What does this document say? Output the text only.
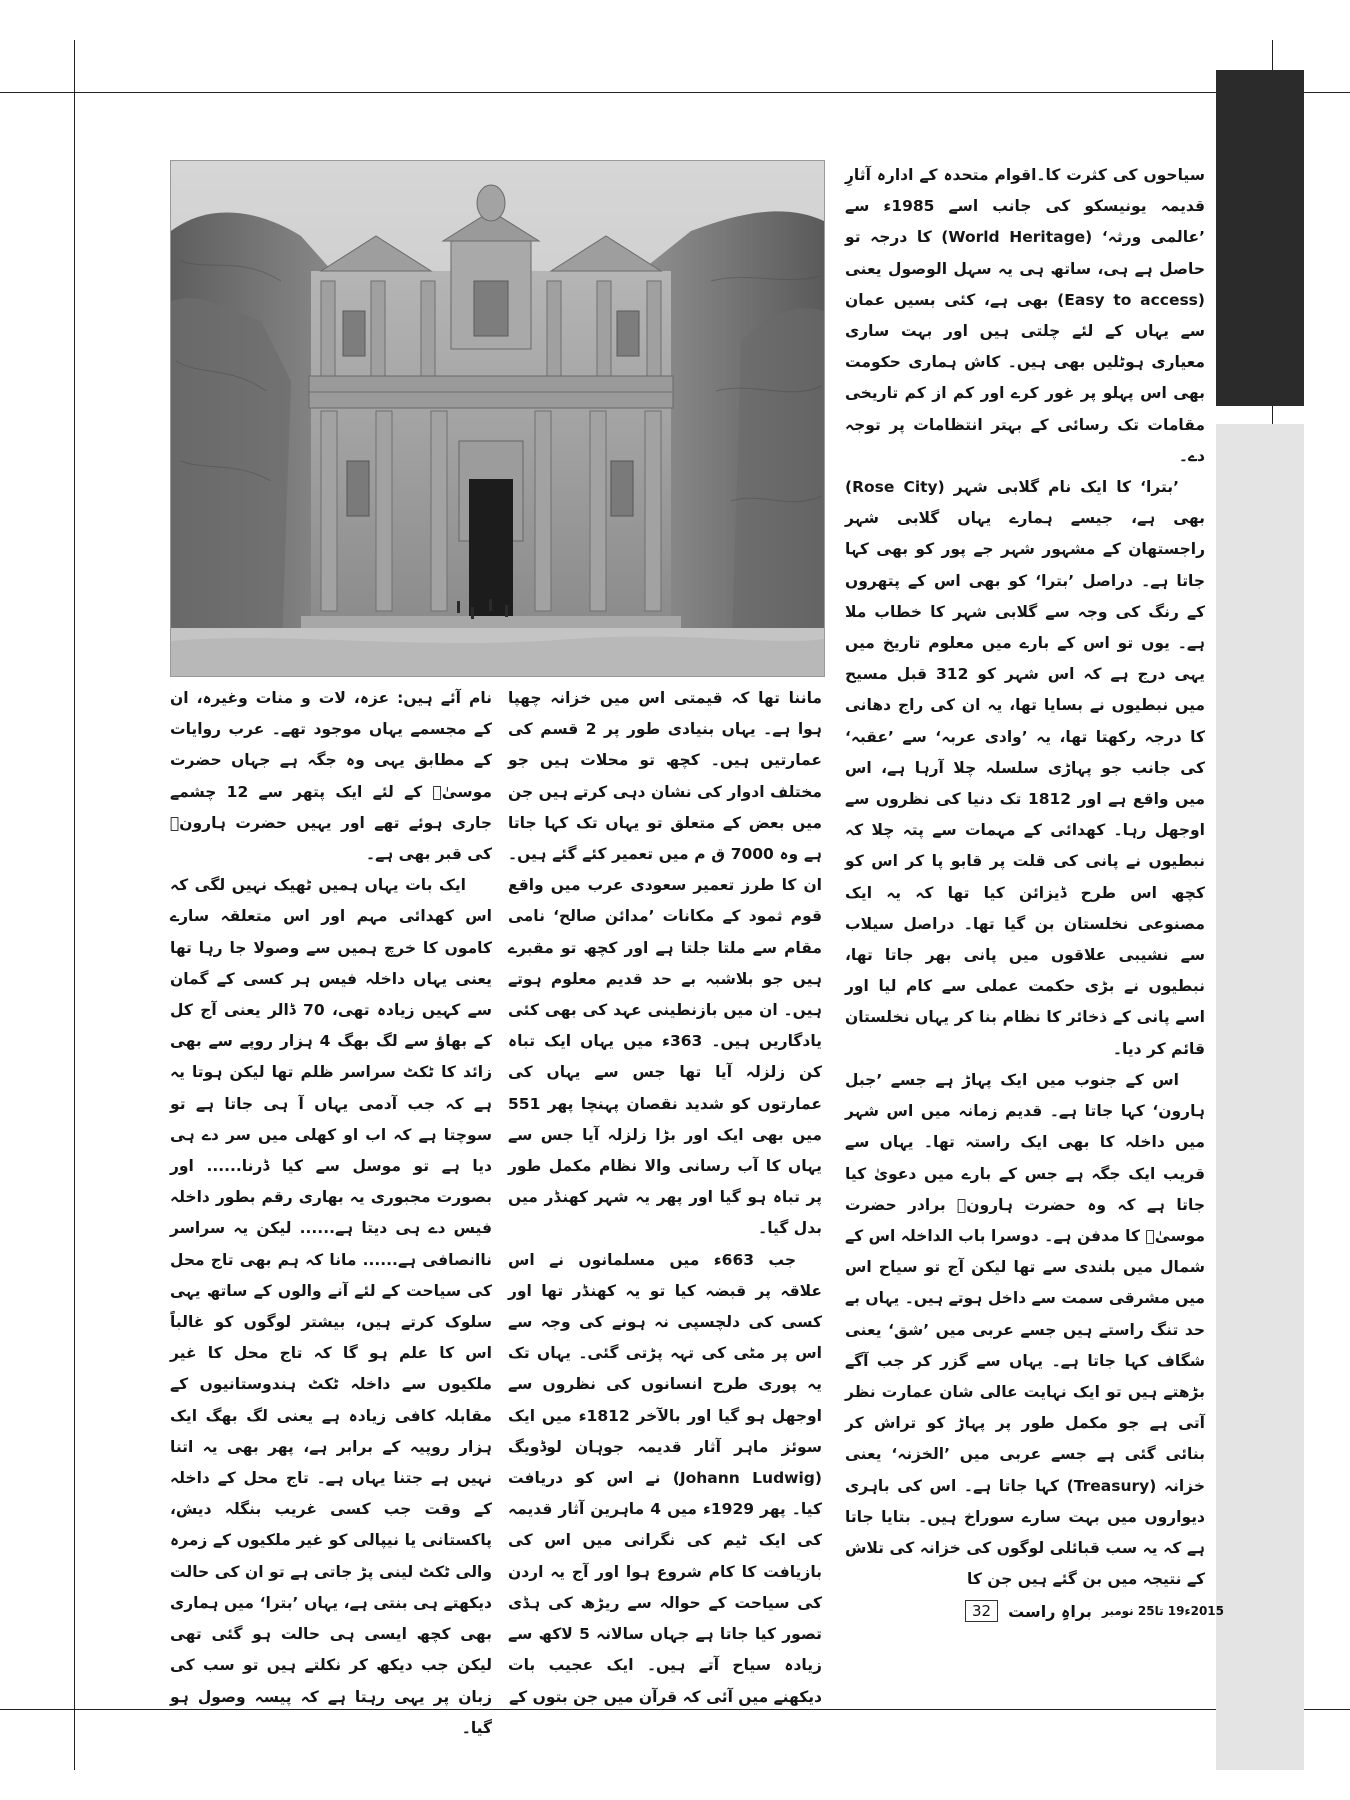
سیاحوں کی کثرت کا۔اقوام متحدہ کے ادارہ آثارِ قدیمہ یونیسکو کی جانب اسے 1985ء سے ’عالمی ورثہ‘ (World Heritage) کا درجہ تو حاصل ہے ہی، ساتھ ہی یہ سہل الوصول یعنی (Easy to access) بھی ہے، کئی بسیں عمان سے یہاں کے لئے چلتی ہیں اور بہت ساری معیاری ہوٹلیں بھی ہیں۔ کاش ہماری حکومت بھی اس پہلو پر غور کرے اور کم از کم تاریخی مقامات تک رسائی کے بہتر انتظامات پر توجہ دے۔

’بترا‘ کا ایک نام گلابی شہر (Rose City) بھی ہے، جیسے ہمارے یہاں گلابی شہر راجستھان کے مشہور شہر جے پور کو بھی کہا جاتا ہے۔ دراصل ’بترا‘ کو بھی اس کے پتھروں کے رنگ کی وجہ سے گلابی شہر کا خطاب ملا ہے۔ یوں تو اس کے بارے میں معلوم تاریخ میں یہی درج ہے کہ اس شہر کو 312 قبل مسیح میں نبطیوں نے بسایا تھا، یہ ان کی راج دھانی کا درجہ رکھتا تھا، یہ ’وادی عربہ‘ سے ’عقبہ‘ کی جانب جو پہاڑی سلسلہ چلا آرہا ہے، اس میں واقع ہے اور 1812 تک دنیا کی نظروں سے اوجھل رہا۔ کھدائی کے مہمات سے پتہ چلا کہ نبطیوں نے پانی کی قلت پر قابو پا کر اس کو کچھ اس طرح ڈیزائن کیا تھا کہ یہ ایک مصنوعی نخلستان بن گیا تھا۔ دراصل سیلاب سے نشیبی علاقوں میں پانی بھر جاتا تھا، نبطیوں نے بڑی حکمت عملی سے کام لیا اور اسے پانی کے ذخائر کا نظام بنا کر یہاں نخلستان قائم کر دیا۔

اس کے جنوب میں ایک پہاڑ ہے جسے ’جبل ہارون‘ کہا جاتا ہے۔ قدیم زمانہ میں اس شہر میں داخلہ کا بھی ایک راستہ تھا۔ یہاں سے قریب ایک جگہ ہے جس کے بارے میں دعویٰ کیا جاتا ہے کہ وہ حضرت ہارونؑ برادر حضرت موسیٰؑ کا مدفن ہے۔ دوسرا باب الداخلہ اس کے شمال میں بلندی سے تھا لیکن آج تو سیاح اس میں مشرقی سمت سے داخل ہوتے ہیں۔ یہاں بے حد تنگ راستے ہیں جسے عربی میں ’شق‘ یعنی شگاف کہا جاتا ہے۔ یہاں سے گزر کر جب آگے بڑھتے ہیں تو ایک نہایت عالی شان عمارت نظر آتی ہے جو مکمل طور پر پہاڑ کو تراش کر بنائی گئی ہے جسے عربی میں ’الخزنہ‘ یعنی خزانہ (Treasury) کہا جاتا ہے۔ اس کی باہری دیواروں میں بہت سارے سوراخ ہیں۔ بتایا جاتا ہے کہ یہ سب قبائلی لوگوں کی خزانہ کی تلاش کے نتیجہ میں بن گئے ہیں جن کا

ماننا تھا کہ قیمتی اس میں خزانہ چھپا ہوا ہے۔ یہاں بنیادی طور پر 2 قسم کی عمارتیں ہیں۔ کچھ تو محلات ہیں جو مختلف ادوار کی نشان دہی کرتے ہیں جن میں بعض کے متعلق تو یہاں تک کہا جاتا ہے وہ 7000 ق م میں تعمیر کئے گئے ہیں۔ ان کا طرز تعمیر سعودی عرب میں واقع قوم ثمود کے مکانات ’مدائن صالح‘ نامی مقام سے ملتا جلتا ہے اور کچھ تو مقبرے ہیں جو بلاشبہ بے حد قدیم معلوم ہوتے ہیں۔ ان میں بازنطینی عہد کی بھی کئی یادگاریں ہیں۔ 363ء میں یہاں ایک تباہ کن زلزلہ آیا تھا جس سے یہاں کی عمارتوں کو شدید نقصان پہنچا پھر 551 میں بھی ایک اور بڑا زلزلہ آیا جس سے یہاں کا آب رسانی والا نظام مکمل طور پر تباہ ہو گیا اور پھر یہ شہر کھنڈر میں بدل گیا۔

جب 663ء میں مسلمانوں نے اس علاقہ پر قبضہ کیا تو یہ کھنڈر تھا اور کسی کی دلچسپی نہ ہونے کی وجہ سے اس پر مٹی کی تہہ پڑتی گئی۔ یہاں تک یہ پوری طرح انسانوں کی نظروں سے اوجھل ہو گیا اور بالآخر 1812ء میں ایک سوئز ماہر آثار قدیمہ جوہان لوڈویگ (Johann Ludwig) نے اس کو دریافت کیا۔ پھر 1929ء میں 4 ماہرین آثار قدیمہ کی ایک ٹیم کی نگرانی میں اس کی بازیافت کا کام شروع ہوا اور آج یہ اردن کی سیاحت کے حوالہ سے ریڑھ کی ہڈی تصور کیا جاتا ہے جہاں سالانہ 5 لاکھ سے زیادہ سیاح آتے ہیں۔ ایک عجیب بات دیکھنے میں آئی کہ قرآن میں جن بتوں کے

نام آئے ہیں: عزہ، لات و منات وغیرہ، ان کے مجسمے یہاں موجود تھے۔ عرب روایات کے مطابق یہی وہ جگہ ہے جہاں حضرت موسیٰؑ کے لئے ایک پتھر سے 12 چشمے جاری ہوئے تھے اور یہیں حضرت ہارونؑ کی قبر بھی ہے۔

ایک بات یہاں ہمیں ٹھیک نہیں لگی کہ اس کھدائی مہم اور اس متعلقہ سارے کاموں کا خرچ ہمیں سے وصولا جا رہا تھا یعنی یہاں داخلہ فیس ہر کسی کے گمان سے کہیں زیادہ تھی، 70 ڈالر یعنی آج کل کے بھاؤ سے لگ بھگ 4 ہزار روپے سے بھی زائد کا ٹکٹ سراسر ظلم تھا لیکن ہوتا یہ ہے کہ جب آدمی یہاں آ ہی جاتا ہے تو سوچتا ہے کہ اب او کھلی میں سر دے ہی دیا ہے تو موسل سے کیا ڈرنا...... اور بصورت مجبوری یہ بھاری رقم بطور داخلہ فیس دے ہی دیتا ہے...... لیکن یہ سراسر ناانصافی ہے...... مانا کہ ہم بھی تاج محل کی سیاحت کے لئے آنے والوں کے ساتھ یہی سلوک کرتے ہیں، بیشتر لوگوں کو غالباً اس کا علم ہو گا کہ تاج محل کا غیر ملکیوں سے داخلہ ٹکٹ ہندوستانیوں کے مقابلہ کافی زیادہ ہے یعنی لگ بھگ ایک ہزار روپیہ کے برابر ہے، پھر بھی یہ اتنا نہیں ہے جتنا یہاں ہے۔ تاج محل کے داخلہ کے وقت جب کسی غریب بنگلہ دیش، پاکستانی یا نیپالی کو غیر ملکیوں کے زمرہ والی ٹکٹ لینی پڑ جاتی ہے تو ان کی حالت دیکھتے ہی بنتی ہے، یہاں ’بترا‘ میں ہماری بھی کچھ ایسی ہی حالت ہو گئی تھی لیکن جب دیکھ کر نکلتے ہیں تو سب کی زبان پر یہی رہتا ہے کہ پیسہ وصول ہو گیا۔

32	براہِ راست 2015ء19 تا25 نومبر
